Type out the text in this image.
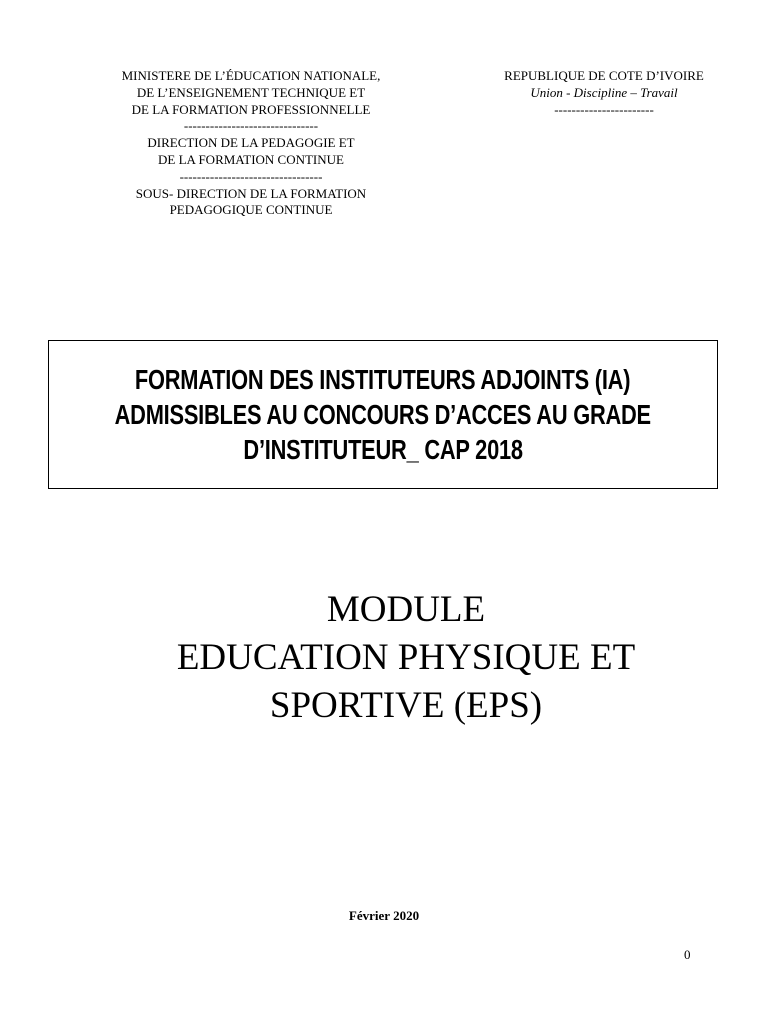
MINISTERE DE L’ÉDUCATION NATIONALE,
DE L’ENSEIGNEMENT TECHNIQUE ET
DE LA FORMATION PROFESSIONNELLE
-------------------------------
DIRECTION DE LA PEDAGOGIE ET
DE LA FORMATION CONTINUE
---------------------------------
SOUS- DIRECTION DE LA FORMATION
PEDAGOGIQUE CONTINUE
REPUBLIQUE DE COTE D’IVOIRE
Union - Discipline – Travail
-----------------------
FORMATION DES INSTITUTEURS ADJOINTS (IA)
ADMISSIBLES AU CONCOURS D’ACCES AU GRADE
D’INSTITUTEUR_ CAP 2018
MODULE
EDUCATION PHYSIQUE ET
SPORTIVE (EPS)
Février 2020
0
